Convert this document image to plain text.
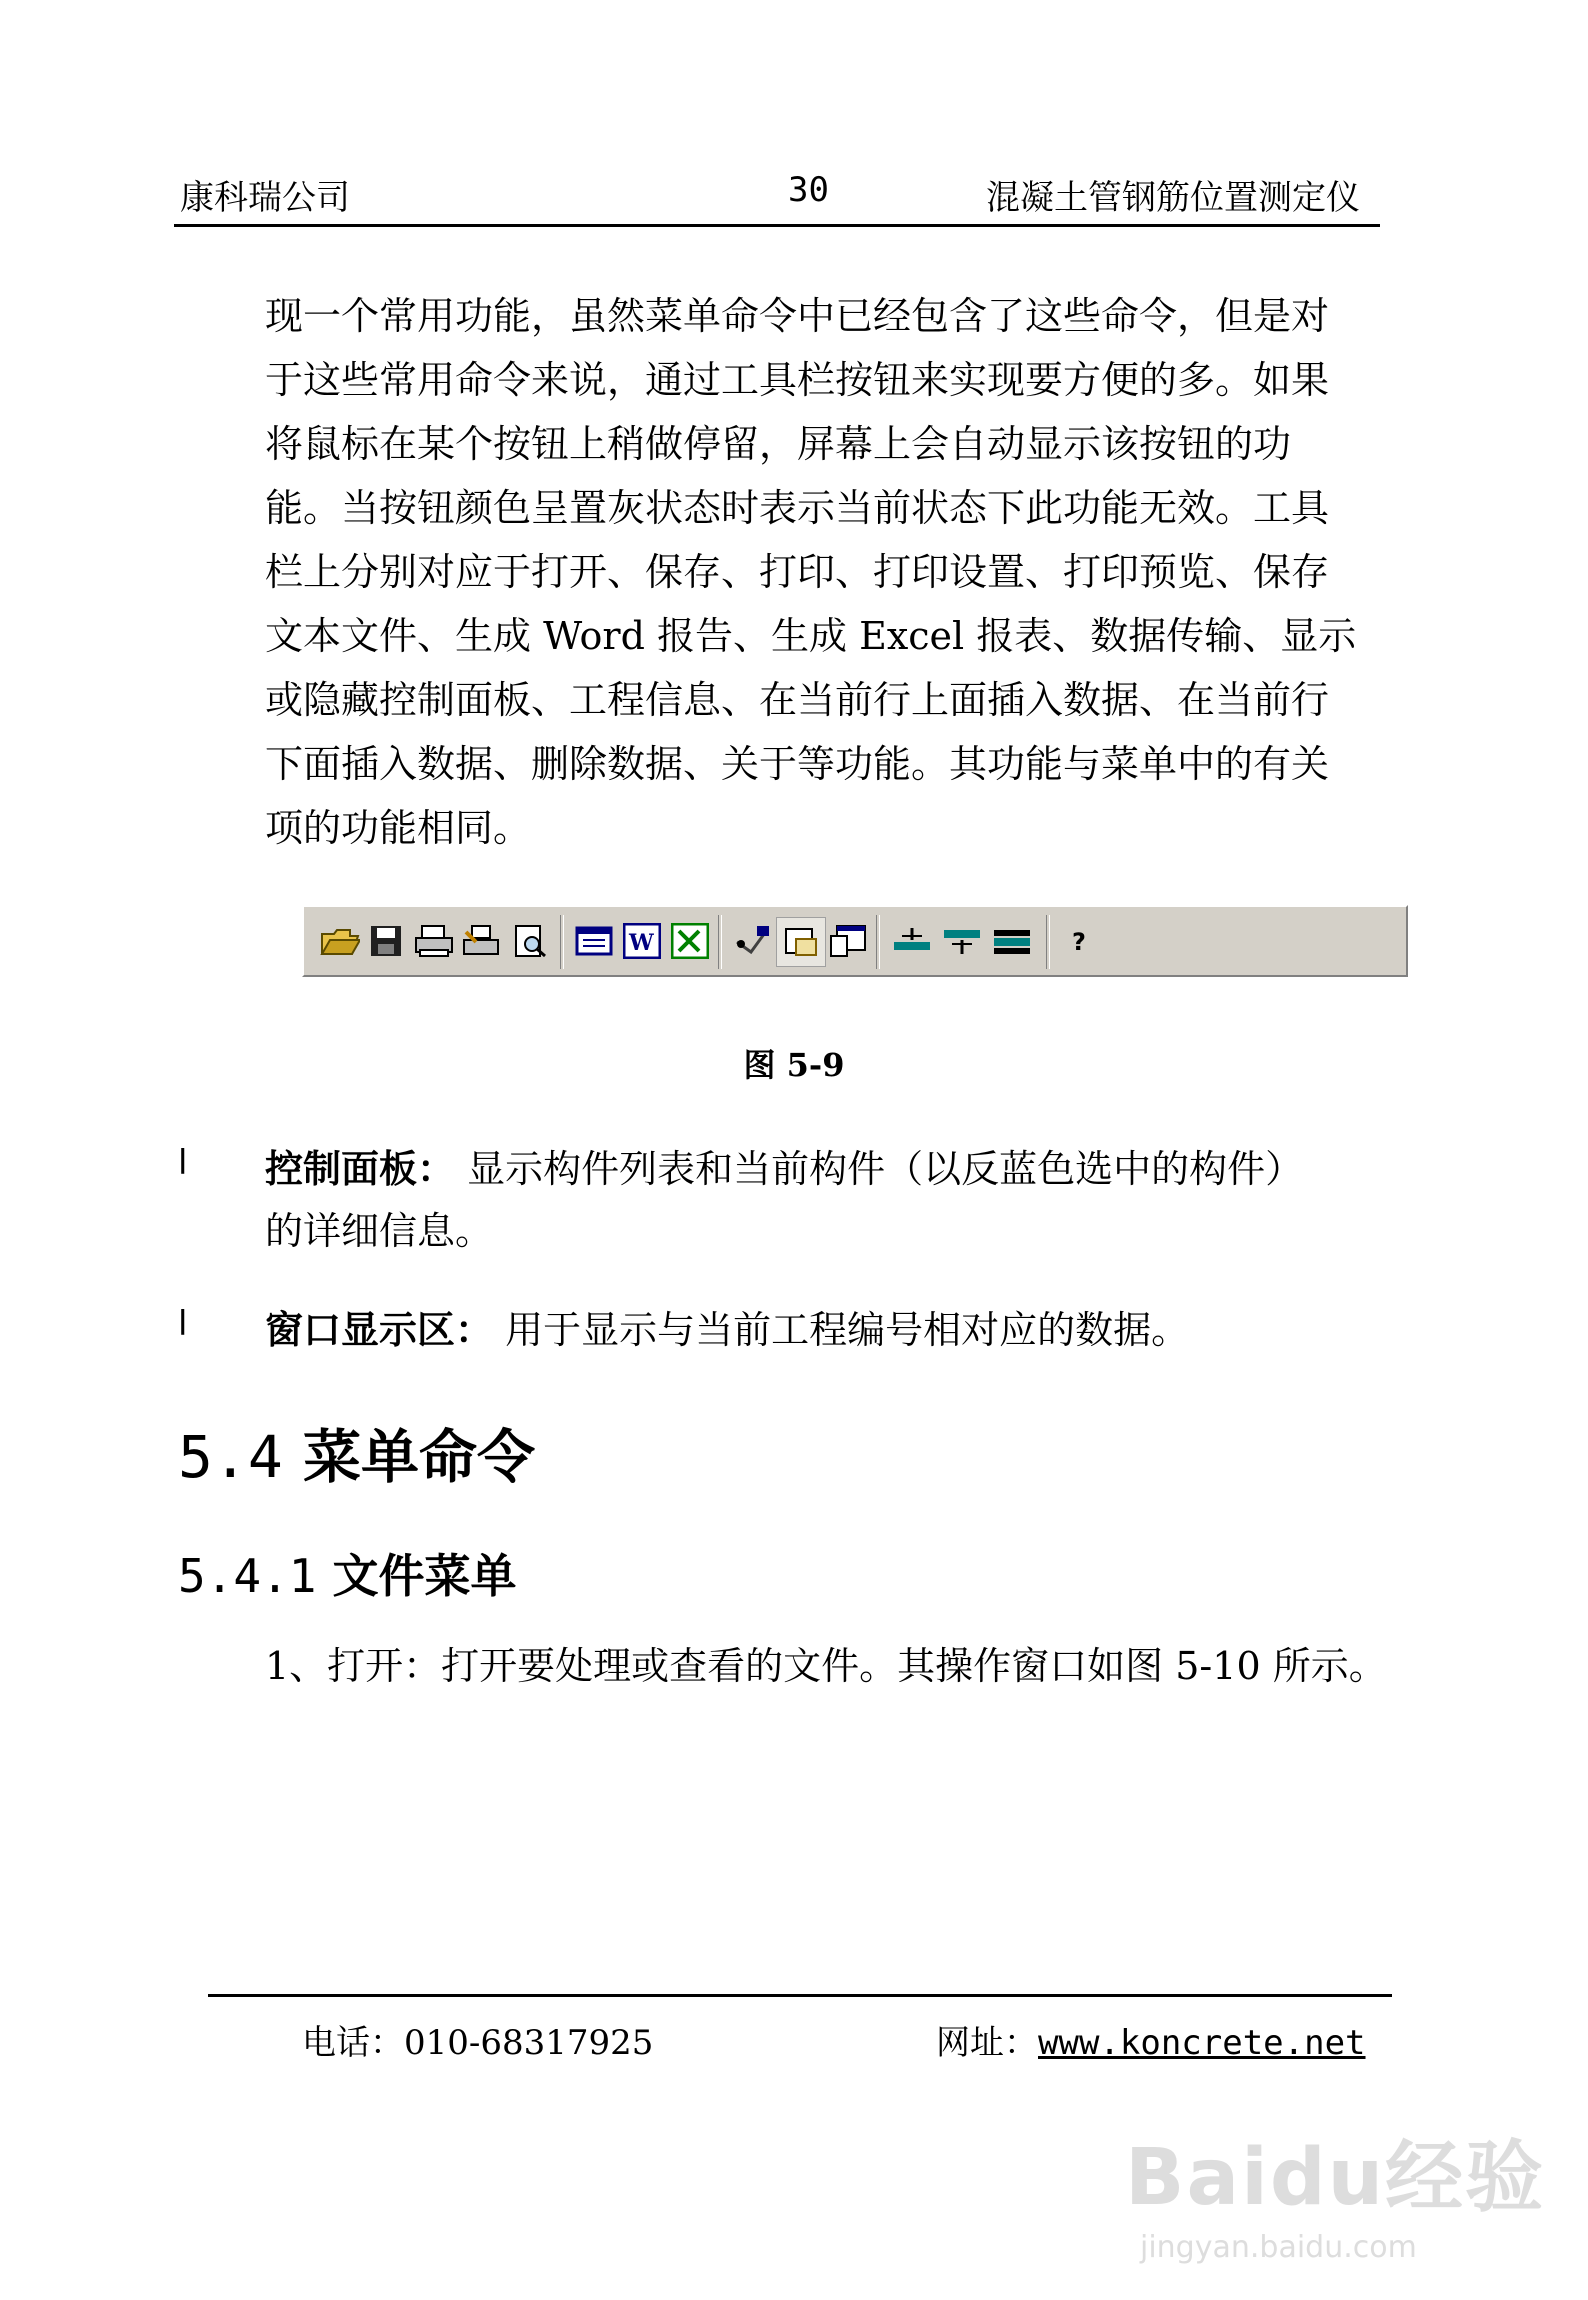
康科瑞公司	30	混凝土管钢筋位置测定仪
现一个常用功能，虽然菜单命令中已经包含了这些命令，但是对
于这些常用命令来说，通过工具栏按钮来实现要方便的多。如果
将鼠标在某个按钮上稍做停留，屏幕上会自动显示该按钮的功
能。当按钮颜色呈置灰状态时表示当前状态下此功能无效。工具
栏上分别对应于打开、保存、打印、打印设置、打印预览、保存
文本文件、生成 Word 报告、生成 Excel 报表、数据传输、显示
或隐藏控制面板、工程信息、在当前行上面插入数据、在当前行
下面插入数据、删除数据、关于等功能。其功能与菜单中的有关
项的功能相同。
W	?
图 5-9
l 控制面板： 显示构件列表和当前构件（以反蓝色选中的构件）
的详细信息。
l 窗口显示区： 用于显示与当前工程编号相对应的数据。
5.4 菜单命令
5.4.1 文件菜单
1、打开：打开要处理或查看的文件。其操作窗口如图 5-10 所示。
电话：010-68317925	网址：www.koncrete.net
Baidu经验
jingyan.baidu.com
